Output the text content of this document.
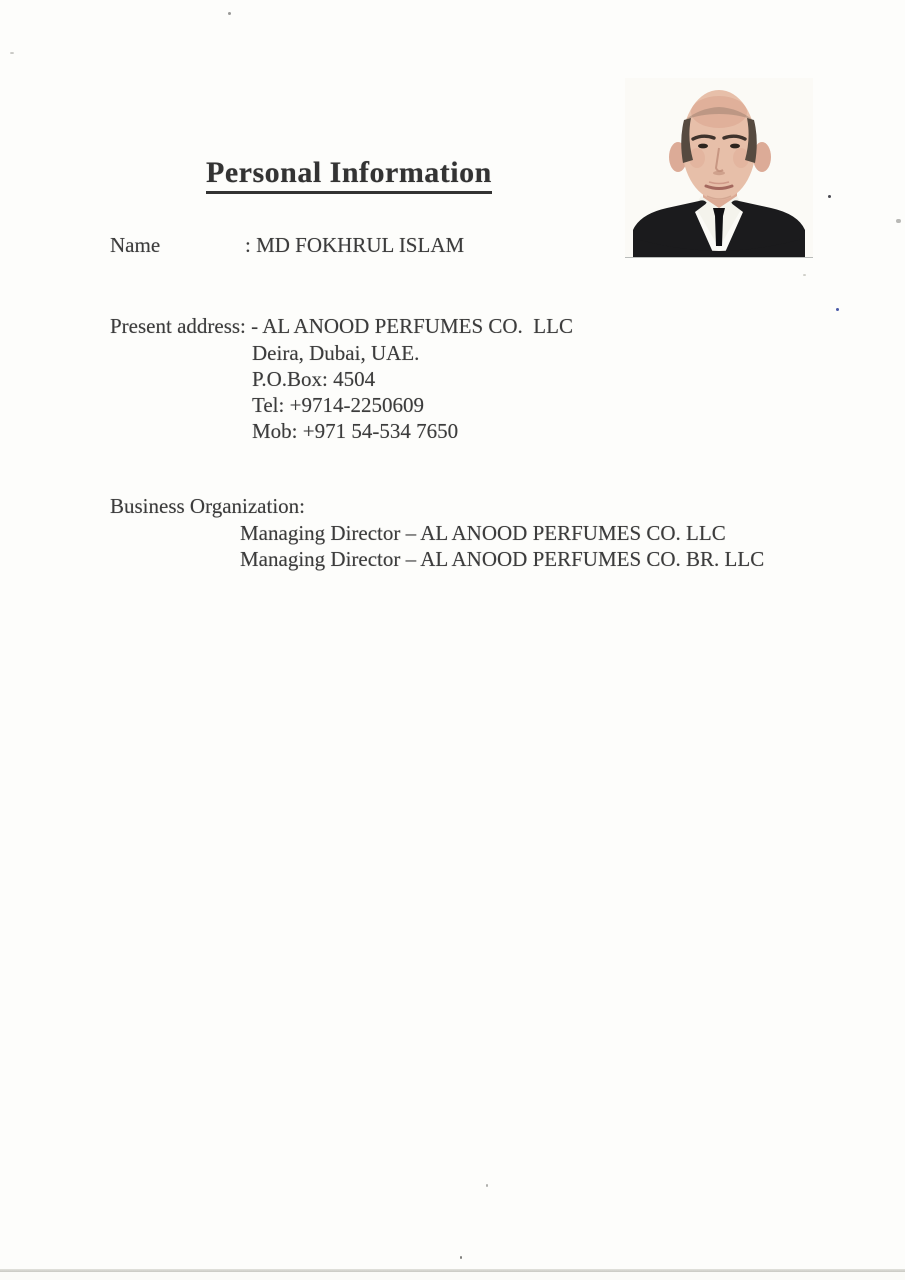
Personal Information
Name	: MD FOKHRUL ISLAM
Present address: - AL ANOOD PERFUMES CO.  LLC
Deira, Dubai, UAE.
P.O.Box: 4504
Tel: +9714-2250609
Mob: +971 54-534 7650
Business Organization:
Managing Director – AL ANOOD PERFUMES CO. LLC
Managing Director – AL ANOOD PERFUMES CO. BR. LLC
